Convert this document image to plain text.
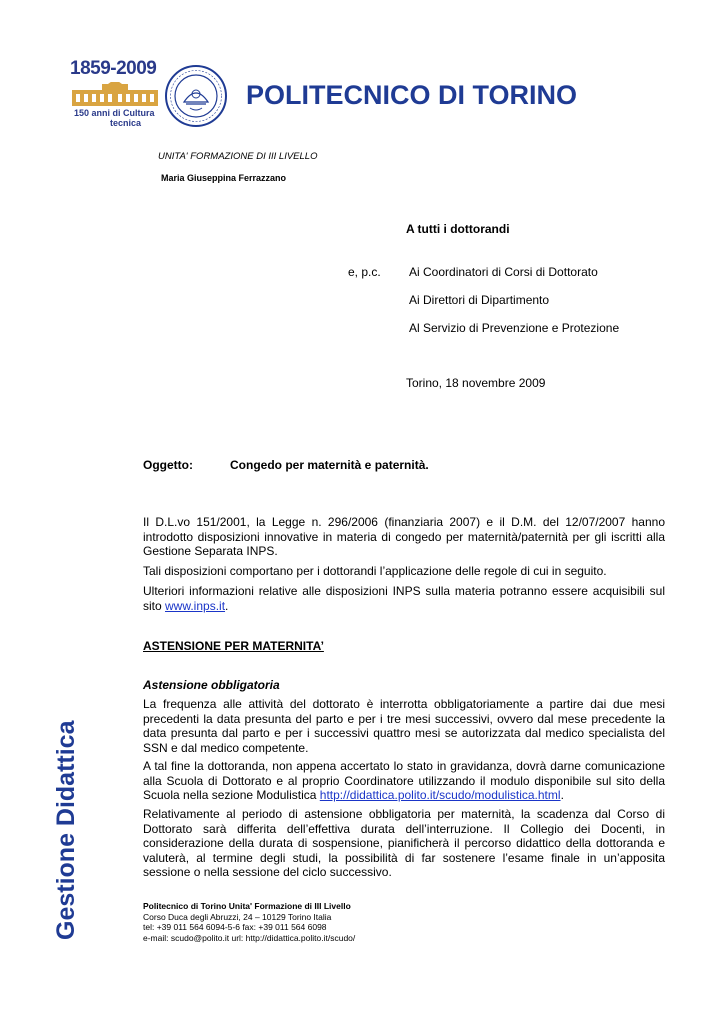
1859-2009
150 anni di Cultura
tecnica
POLITECNICO DI TORINO
UNITA' FORMAZIONE DI III LIVELLO
Maria Giuseppina Ferrazzano
A tutti i dottorandi
e, p.c. Ai Coordinatori di Corsi di Dottorato
Ai Direttori di Dipartimento
Al Servizio di Prevenzione e Protezione
Torino, 18 novembre 2009
Oggetto:	Congedo per maternità e paternità.
Il D.L.vo 151/2001, la Legge n. 296/2006 (finanziaria 2007) e il D.M. del 12/07/2007 hanno introdotto disposizioni innovative in materia di congedo per maternità/paternità per gli iscritti alla Gestione Separata INPS.
Tali disposizioni comportano per i dottorandi l’applicazione delle regole di cui in seguito.
Ulteriori informazioni relative alle disposizioni INPS sulla materia potranno essere acquisibili sul sito www.inps.it.
ASTENSIONE PER MATERNITA’
Astensione obbligatoria
La frequenza alle attività del dottorato è interrotta obbligatoriamente a partire dai due mesi precedenti la data presunta del parto e per i tre mesi successivi, ovvero dal mese precedente la data presunta dal parto e per i successivi quattro mesi se autorizzata dal medico specialista del SSN e dal medico competente.
A tal fine la dottoranda, non appena accertato lo stato in gravidanza, dovrà darne comunicazione alla Scuola di Dottorato e al proprio Coordinatore utilizzando il modulo disponibile sul sito della Scuola nella sezione Modulistica http://didattica.polito.it/scudo/modulistica.html.
Relativamente al periodo di astensione obbligatoria per maternità, la scadenza dal Corso di Dottorato sarà differita dell’effettiva durata dell’interruzione. Il Collegio dei Docenti, in considerazione della durata di sospensione, pianificherà il percorso didattico della dottoranda e valuterà, al termine degli studi, la possibilità di far sostenere l’esame finale in un’apposita sessione o nella sessione del ciclo successivo.
Politecnico di Torino Unita' Formazione di III Livello
Corso Duca degli Abruzzi, 24 – 10129 Torino Italia
tel: +39 011 564 6094-5-6 fax: +39 011 564 6098
e-mail: scudo@polito.it url: http://didattica.polito.it/scudo/
Gestione Didattica
